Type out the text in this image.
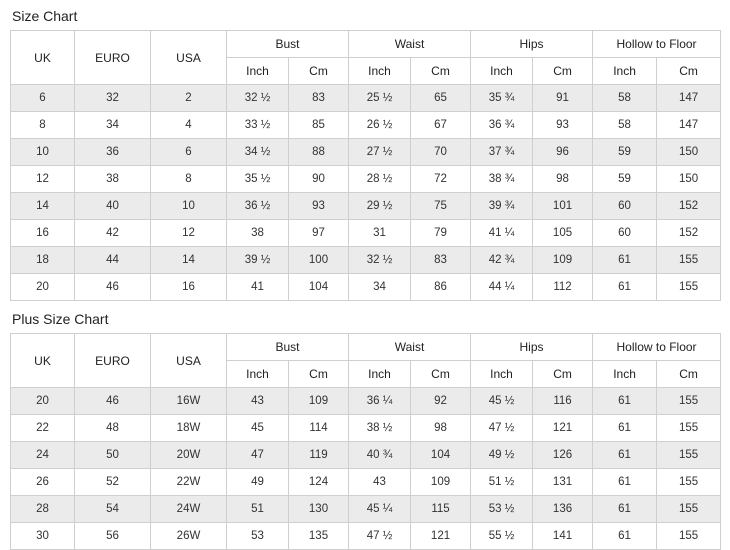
Size Chart
UK	EURO	USA	Bust		Waist		Hips		Hollow to Floor	
			Inch	Cm	Inch	Cm	Inch	Cm	Inch	Cm
6	32	2	32 ½	83	25 ½	65	35 ¾	91	58	147
8	34	4	33 ½	85	26 ½	67	36 ¾	93	58	147
10	36	6	34 ½	88	27 ½	70	37 ¾	96	59	150
12	38	8	35 ½	90	28 ½	72	38 ¾	98	59	150
14	40	10	36 ½	93	29 ½	75	39 ¾	101	60	152
16	42	12	38	97	31	79	41 ¼	105	60	152
18	44	14	39 ½	100	32 ½	83	42 ¾	109	61	155
20	46	16	41	104	34	86	44 ¼	112	61	155
Plus Size Chart
UK	EURO	USA	Bust		Waist		Hips		Hollow to Floor	
			Inch	Cm	Inch	Cm	Inch	Cm	Inch	Cm
20	46	16W	43	109	36 ¼	92	45 ½	116	61	155
22	48	18W	45	114	38 ½	98	47 ½	121	61	155
24	50	20W	47	119	40 ¾	104	49 ½	126	61	155
26	52	22W	49	124	43	109	51 ½	131	61	155
28	54	24W	51	130	45 ¼	115	53 ½	136	61	155
30	56	26W	53	135	47 ½	121	55 ½	141	61	155
